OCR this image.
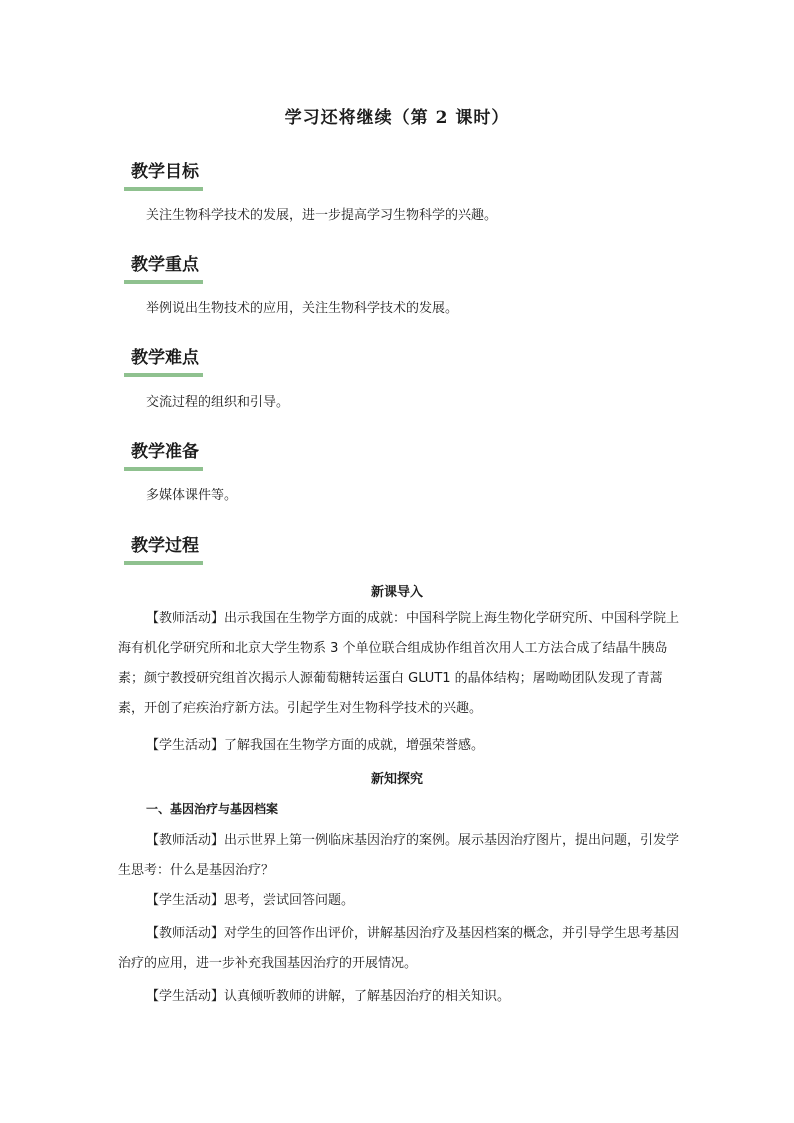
学习还将继续（第 2 课时）
教学目标
关注生物科学技术的发展，进一步提高学习生物科学的兴趣。
教学重点
举例说出生物技术的应用，关注生物科学技术的发展。
教学难点
交流过程的组织和引导。
教学准备
多媒体课件等。
教学过程
新课导入
【教师活动】出示我国在生物学方面的成就：中国科学院上海生物化学研究所、中国科学院上海有机化学研究所和北京大学生物系 3 个单位联合组成协作组首次用人工方法合成了结晶牛胰岛素；颜宁教授研究组首次揭示人源葡萄糖转运蛋白 GLUT1 的晶体结构；屠呦呦团队发现了青蒿素，开创了疟疾治疗新方法。引起学生对生物科学技术的兴趣。
【学生活动】了解我国在生物学方面的成就，增强荣誉感。
新知探究
一、基因治疗与基因档案
【教师活动】出示世界上第一例临床基因治疗的案例。展示基因治疗图片，提出问题，引发学生思考：什么是基因治疗？
【学生活动】思考，尝试回答问题。
【教师活动】对学生的回答作出评价，讲解基因治疗及基因档案的概念，并引导学生思考基因治疗的应用，进一步补充我国基因治疗的开展情况。
【学生活动】认真倾听教师的讲解，了解基因治疗的相关知识。
